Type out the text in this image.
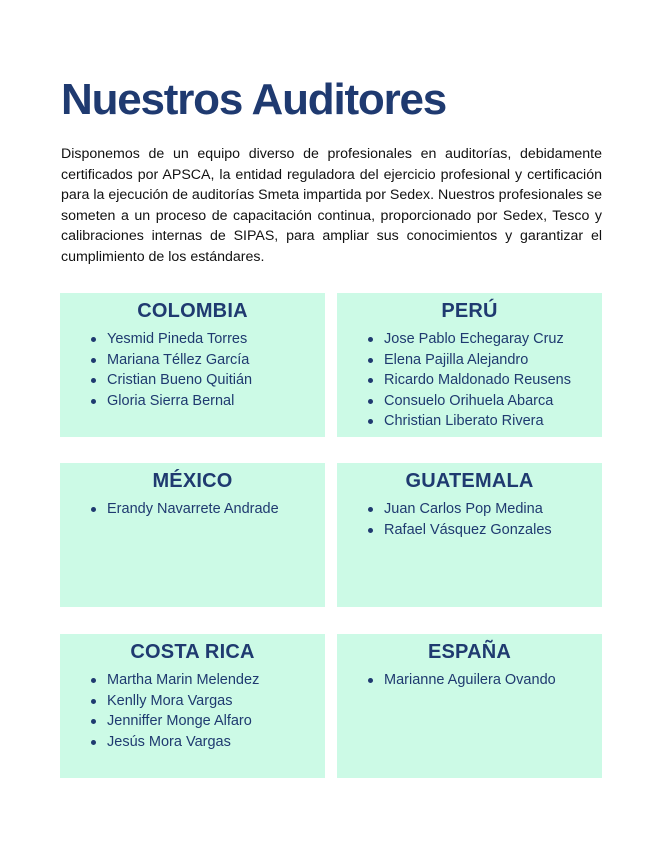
Nuestros Auditores

Disponemos de un equipo diverso de profesionales en auditorías, debidamente certificados por APSCA, la entidad reguladora del ejercicio profesional y certificación para la ejecución de auditorías Smeta impartida por Sedex. Nuestros profesionales se someten a un proceso de capacitación continua, proporcionado por Sedex, Tesco y calibraciones internas de SIPAS, para ampliar sus conocimientos y garantizar el cumplimiento de los estándares.

COLOMBIA
Yesmid Pineda Torres
Mariana Téllez García
Cristian Bueno Quitián
Gloria Sierra Bernal
PERÚ
Jose Pablo Echegaray Cruz
Elena Pajilla Alejandro
Ricardo Maldonado Reusens
Consuelo Orihuela Abarca
Christian Liberato Rivera
MÉXICO
Erandy Navarrete Andrade
GUATEMALA
Juan Carlos Pop Medina
Rafael Vásquez Gonzales
COSTA RICA
Martha Marin Melendez
Kenlly Mora Vargas
Jenniffer Monge Alfaro
Jesús Mora Vargas
ESPAÑA
Marianne Aguilera Ovando
